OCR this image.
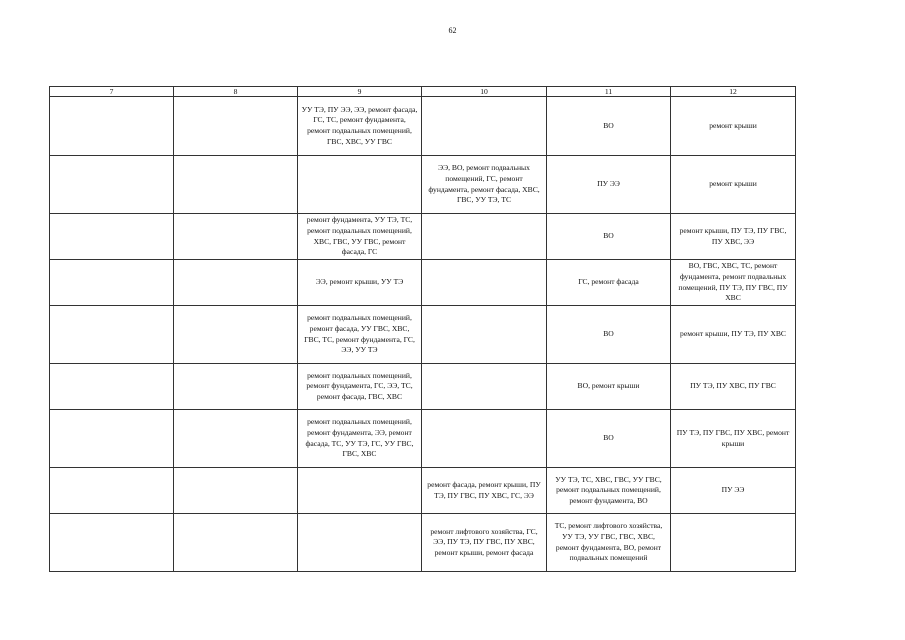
62
7	8	9	10	11	12
		УУ ТЭ, ПУ ЭЭ, ЭЭ, ремонт фасада, ГС, ТС, ремонт фундамента, ремонт подвальных помещений, ГВС, ХВС, УУ ГВС		ВО	ремонт крыши
			ЭЭ, ВО, ремонт подвальных помещений, ГС, ремонт фундамента, ремонт фасада, ХВС, ГВС, УУ ТЭ, ТС	ПУ ЭЭ	ремонт крыши
		ремонт фундамента, УУ ТЭ, ТС, ремонт подвальных помещений, ХВС, ГВС, УУ ГВС, ремонт фасада, ГС		ВО	ремонт крыши, ПУ ТЭ, ПУ ГВС, ПУ ХВС, ЭЭ
		ЭЭ, ремонт крыши, УУ ТЭ		ГС, ремонт фасада	ВО, ГВС, ХВС, ТС, ремонт фундамента, ремонт подвальных помещений, ПУ ТЭ, ПУ ГВС, ПУ ХВС
		ремонт подвальных помещений, ремонт фасада, УУ ГВС, ХВС, ГВС, ТС, ремонт фундамента, ГС, ЭЭ, УУ ТЭ		ВО	ремонт крыши, ПУ ТЭ, ПУ ХВС
		ремонт подвальных помещений, ремонт фундамента, ГС, ЭЭ, ТС, ремонт фасада, ГВС, ХВС		ВО, ремонт крыши	ПУ ТЭ, ПУ ХВС, ПУ ГВС
		ремонт подвальных помещений, ремонт фундамента, ЭЭ, ремонт фасада, ТС, УУ ТЭ, ГС, УУ ГВС, ГВС, ХВС		ВО	ПУ ТЭ, ПУ ГВС, ПУ ХВС, ремонт крыши
			ремонт фасада, ремонт крыши, ПУ ТЭ, ПУ ГВС, ПУ ХВС, ГС, ЭЭ	УУ ТЭ, ТС, ХВС, ГВС, УУ ГВС, ремонт подвальных помещений, ремонт фундамента, ВО	ПУ ЭЭ
			ремонт лифтового хозяйства, ГС, ЭЭ, ПУ ТЭ, ПУ ГВС, ПУ ХВС, ремонт крыши, ремонт фасада	ТС, ремонт лифтового хозяйства, УУ ТЭ, УУ ГВС, ГВС, ХВС, ремонт фундамента, ВО, ремонт подвальных помещений	
